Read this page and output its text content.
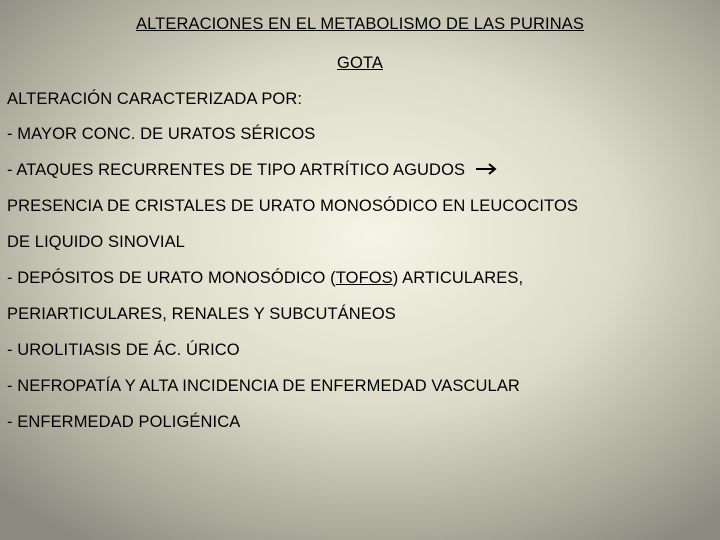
ALTERACIONES EN EL METABOLISMO DE LAS PURINAS
GOTA
ALTERACIÓN CARACTERIZADA POR:
- MAYOR CONC. DE URATOS SÉRICOS
- ATAQUES RECURRENTES DE TIPO ARTRÍTICO AGUDOS
PRESENCIA DE CRISTALES DE URATO MONOSÓDICO EN LEUCOCITOS
DE LIQUIDO SINOVIAL
- DEPÓSITOS DE URATO MONOSÓDICO (TOFOS) ARTICULARES,
PERIARTICULARES, RENALES Y SUBCUTÁNEOS
- UROLITIASIS DE ÁC. ÚRICO
- NEFROPATÍA Y ALTA INCIDENCIA DE ENFERMEDAD VASCULAR
- ENFERMEDAD POLIGÉNICA
